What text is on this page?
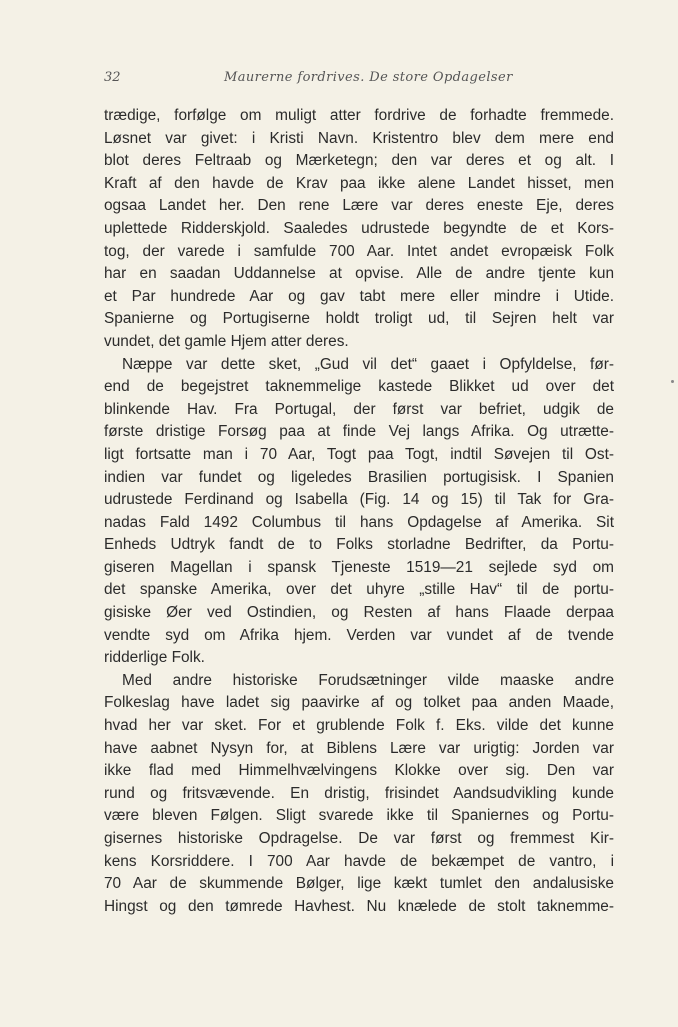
32	Maurerne fordrives. De store Opdagelser
trædige, forfølge om muligt atter fordrive de forhadte fremmede.
Løsnet var givet: i Kristi Navn. Kristentro blev dem mere end
blot deres Feltraab og Mærketegn; den var deres et og alt. I
Kraft af den havde de Krav paa ikke alene Landet hisset, men
ogsaa Landet her. Den rene Lære var deres eneste Eje, deres
uplettede Ridderskjold. Saaledes udrustede begyndte de et Kors-
tog, der varede i samfulde 700 Aar. Intet andet evropæisk Folk
har en saadan Uddannelse at opvise. Alle de andre tjente kun
et Par hundrede Aar og gav tabt mere eller mindre i Utide.
Spanierne og Portugiserne holdt troligt ud, til Sejren helt var
vundet, det gamle Hjem atter deres.
Næppe var dette sket, „Gud vil det“ gaaet i Opfyldelse, før-
end de begejstret taknemmelige kastede Blikket ud over det
blinkende Hav. Fra Portugal, der først var befriet, udgik de
første dristige Forsøg paa at finde Vej langs Afrika. Og utrætte-
ligt fortsatte man i 70 Aar, Togt paa Togt, indtil Søvejen til Ost-
indien var fundet og ligeledes Brasilien portugisisk. I Spanien
udrustede Ferdinand og Isabella (Fig. 14 og 15) til Tak for Gra-
nadas Fald 1492 Columbus til hans Opdagelse af Amerika. Sit
Enheds Udtryk fandt de to Folks storladne Bedrifter, da Portu-
giseren Magellan i spansk Tjeneste 1519—21 sejlede syd om
det spanske Amerika, over det uhyre „stille Hav“ til de portu-
gisiske Øer ved Ostindien, og Resten af hans Flaade derpaa
vendte syd om Afrika hjem. Verden var vundet af de tvende
ridderlige Folk.
Med andre historiske Forudsætninger vilde maaske andre
Folkeslag have ladet sig paavirke af og tolket paa anden Maade,
hvad her var sket. For et grublende Folk f. Eks. vilde det kunne
have aabnet Nysyn for, at Biblens Lære var urigtig: Jorden var
ikke flad med Himmelhvælvingens Klokke over sig. Den var
rund og fritsvævende. En dristig, frisindet Aandsudvikling kunde
være bleven Følgen. Sligt svarede ikke til Spaniernes og Portu-
gisernes historiske Opdragelse. De var først og fremmest Kir-
kens Korsriddere. I 700 Aar havde de bekæmpet de vantro, i
70 Aar de skummende Bølger, lige kækt tumlet den andalusiske
Hingst og den tømrede Havhest. Nu knælede de stolt taknemme-
